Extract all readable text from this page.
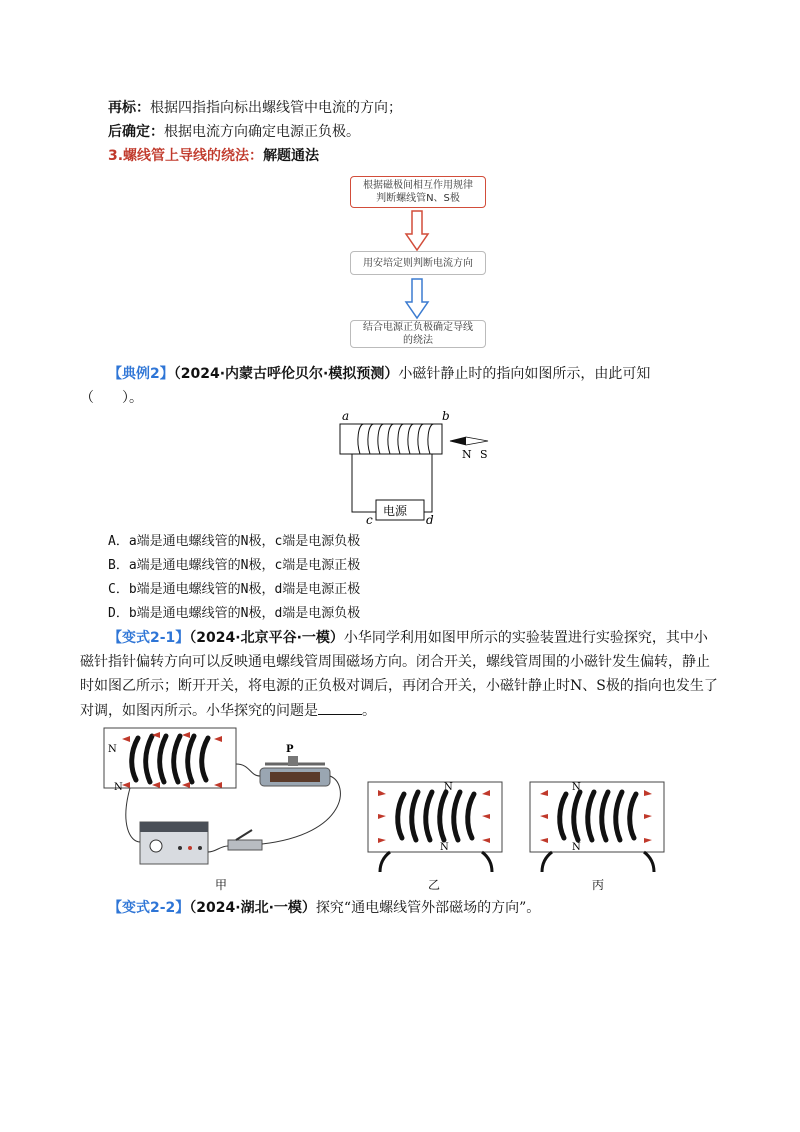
再标：根据四指指向标出螺线管中电流的方向；
后确定：根据电流方向确定电源正负极。
3.螺线管上导线的绕法：解题通法
根据磁极间相互作用规律判断螺线管N、S极
用安培定则判断电流方向
结合电源正负极确定导线的绕法
【典例2】（2024·内蒙古呼伦贝尔·模拟预测）小磁针静止时的指向如图所示，由此可知
（　　）。
a	b
电源
c	d
N S
A．a端是通电螺线管的N极，c端是电源负极
B．a端是通电螺线管的N极，c端是电源正极
C．b端是通电螺线管的N极，d端是电源正极
D．b端是通电螺线管的N极，d端是电源负极
【变式2-1】（2024·北京平谷·一模）小华同学利用如图甲所示的实验装置进行实验探究，其中小
磁针指针偏转方向可以反映通电螺线管周围磁场方向。闭合开关，螺线管周围的小磁针发生偏转，静止
时如图乙所示；断开开关，将电源的正负极对调后，再闭合开关，小磁针静止时N、S极的指向也发生了
对调，如图丙所示。小华探究的问题是	。
N
N
P
甲
N
N
乙
N
N
丙
【变式2-2】（2024·湖北·一模）探究“通电螺线管外部磁场的方向”。
